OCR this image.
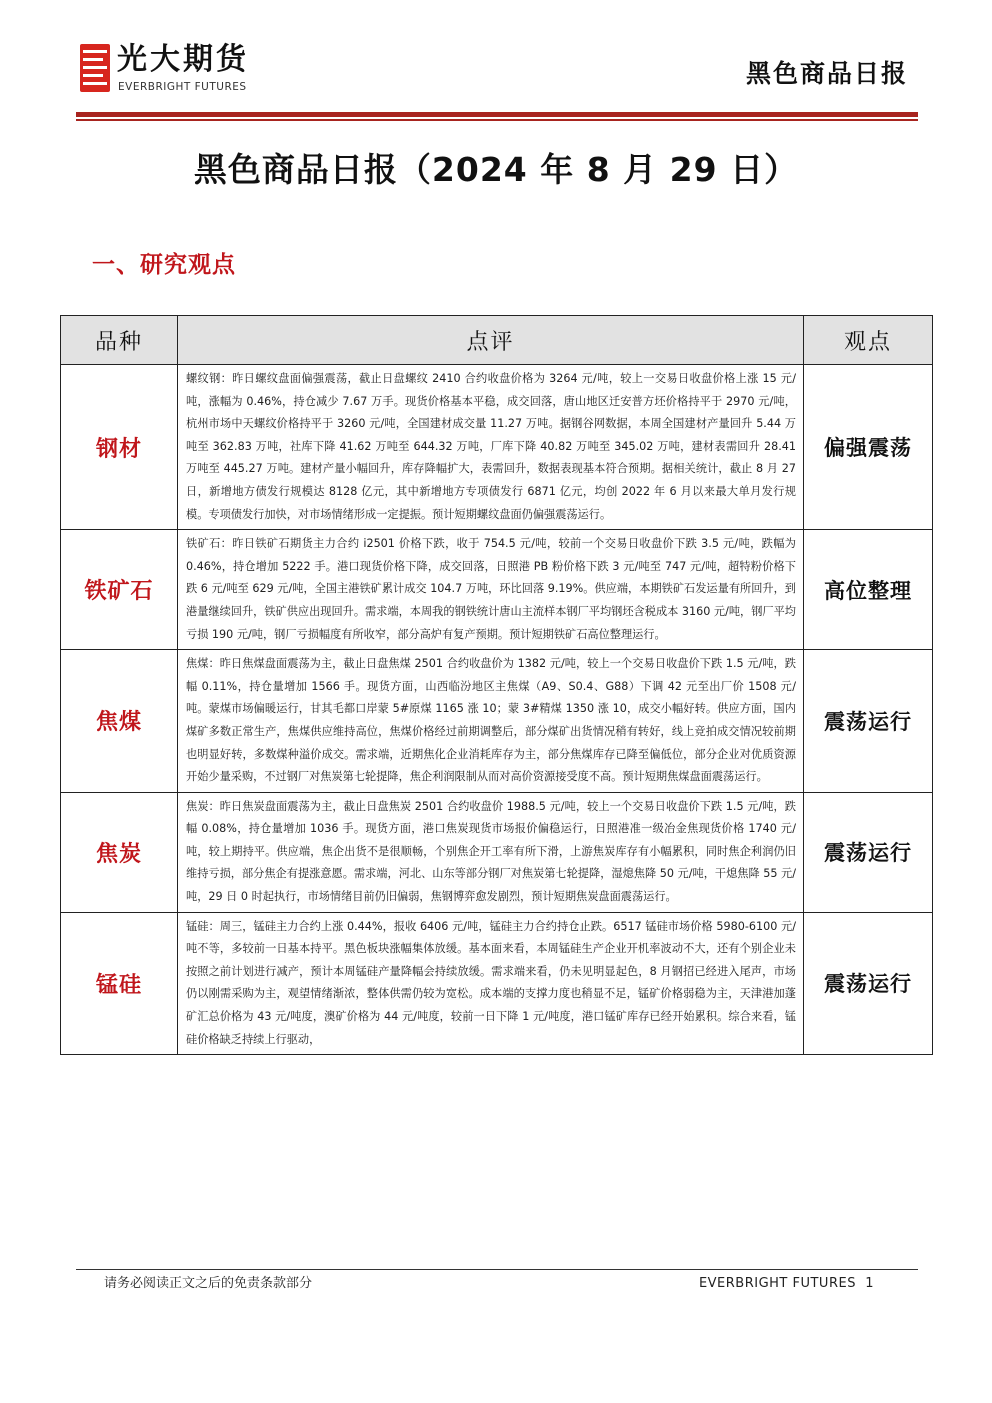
光大期货
EVERBRIGHT FUTURES	黑色商品日报
黑色商品日报（2024 年 8 月 29 日）
一、研究观点
品种	点评	观点
钢材	螺纹钢：昨日螺纹盘面偏强震荡，截止日盘螺纹 2410 合约收盘价格为 3264 元/吨，较上一交易日收盘价格上涨 15 元/吨，涨幅为 0.46%，持仓减少 7.67 万手。现货价格基本平稳，成交回落，唐山地区迁安普方坯价格持平于 2970 元/吨，杭州市场中天螺纹价格持平于 3260 元/吨，全国建材成交量 11.27 万吨。据钢谷网数据，本周全国建材产量回升 5.44 万吨至 362.83 万吨，社库下降 41.62 万吨至 644.32 万吨，厂库下降 40.82 万吨至 345.02 万吨，建材表需回升 28.41 万吨至 445.27 万吨。建材产量小幅回升，库存降幅扩大，表需回升，数据表现基本符合预期。据相关统计，截止 8 月 27 日，新增地方债发行规模达 8128 亿元，其中新增地方专项债发行 6871 亿元，均创 2022 年 6 月以来最大单月发行规模。专项债发行加快，对市场情绪形成一定提振。预计短期螺纹盘面仍偏强震荡运行。	偏强震荡
铁矿石	铁矿石：昨日铁矿石期货主力合约 i2501 价格下跌，收于 754.5 元/吨，较前一个交易日收盘价下跌 3.5 元/吨，跌幅为 0.46%，持仓增加 5222 手。港口现货价格下降，成交回落，日照港 PB 粉价格下跌 3 元/吨至 747 元/吨，超特粉价格下跌 6 元/吨至 629 元/吨，全国主港铁矿累计成交 104.7 万吨，环比回落 9.19%。供应端，本期铁矿石发运量有所回升，到港量继续回升，铁矿供应出现回升。需求端，本周我的钢铁统计唐山主流样本钢厂平均钢坯含税成本 3160 元/吨，钢厂平均亏损 190 元/吨，钢厂亏损幅度有所收窄，部分高炉有复产预期。预计短期铁矿石高位整理运行。	高位整理
焦煤	焦煤：昨日焦煤盘面震荡为主，截止日盘焦煤 2501 合约收盘价为 1382 元/吨，较上一个交易日收盘价下跌 1.5 元/吨，跌幅 0.11%，持仓量增加 1566 手。现货方面，山西临汾地区主焦煤（A9、S0.4、G88）下调 42 元至出厂价 1508 元/吨。蒙煤市场偏暖运行，甘其毛都口岸蒙 5#原煤 1165 涨 10；蒙 3#精煤 1350 涨 10，成交小幅好转。供应方面，国内煤矿多数正常生产，焦煤供应维持高位，焦煤价格经过前期调整后，部分煤矿出货情况稍有转好，线上竞拍成交情况较前期也明显好转，多数煤种溢价成交。需求端，近期焦化企业消耗库存为主，部分焦煤库存已降至偏低位，部分企业对优质资源开始少量采购，不过钢厂对焦炭第七轮提降，焦企利润限制从而对高价资源接受度不高。预计短期焦煤盘面震荡运行。	震荡运行
焦炭	焦炭：昨日焦炭盘面震荡为主，截止日盘焦炭 2501 合约收盘价 1988.5 元/吨，较上一个交易日收盘价下跌 1.5 元/吨，跌幅 0.08%，持仓量增加 1036 手。现货方面，港口焦炭现货市场报价偏稳运行，日照港准一级冶金焦现货价格 1740 元/吨，较上期持平。供应端，焦企出货不是很顺畅，个别焦企开工率有所下滑，上游焦炭库存有小幅累积，同时焦企利润仍旧维持亏损，部分焦企有提涨意愿。需求端，河北、山东等部分钢厂对焦炭第七轮提降，湿熄焦降 50 元/吨，干熄焦降 55 元/吨，29 日 0 时起执行，市场情绪目前仍旧偏弱，焦钢博弈愈发剧烈，预计短期焦炭盘面震荡运行。	震荡运行
锰硅	锰硅：周三，锰硅主力合约上涨 0.44%，报收 6406 元/吨，锰硅主力合约持仓止跌。6517 锰硅市场价格 5980-6100 元/吨不等，多较前一日基本持平。黑色板块涨幅集体放缓。基本面来看，本周锰硅生产企业开机率波动不大，还有个别企业未按照之前计划进行减产，预计本周锰硅产量降幅会持续放缓。需求端来看，仍未见明显起色，8 月钢招已经进入尾声，市场仍以刚需采购为主，观望情绪渐浓，整体供需仍较为宽松。成本端的支撑力度也稍显不足，锰矿价格弱稳为主，天津港加蓬矿汇总价格为 43 元/吨度，澳矿价格为 44 元/吨度，较前一日下降 1 元/吨度，港口锰矿库存已经开始累积。综合来看，锰硅价格缺乏持续上行驱动，	震荡运行
请务必阅读正文之后的免责条款部分	EVERBRIGHT FUTURES 1
